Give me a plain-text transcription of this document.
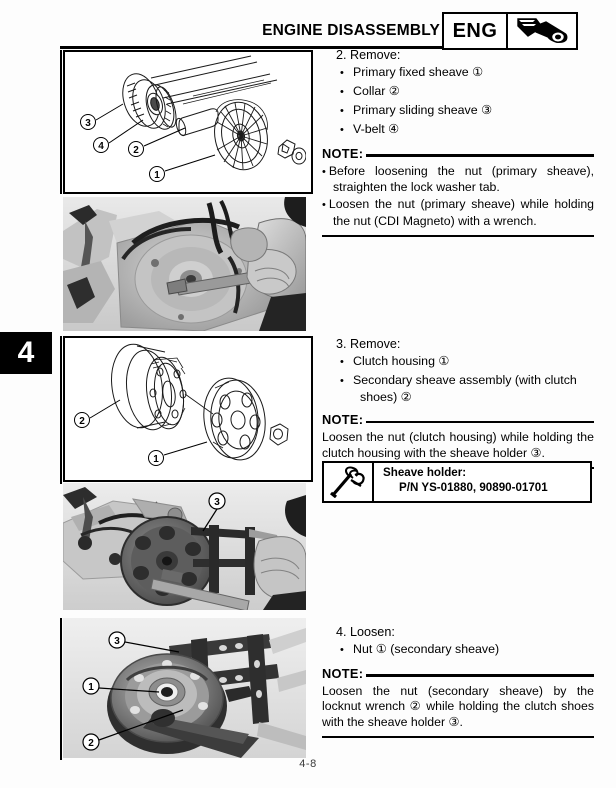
ENGINE DISASSEMBLY ENG
4
3
4	2
1
2
1
3
3
1
2
2. Remove:
• Primary fixed sheave ①
• Collar ②
• Primary sliding sheave ③
• V-belt ④
NOTE:
• Before loosening the nut (primary sheave), straighten the lock washer tab.
• Loosen the nut (primary sheave) while holding the nut (CDI Magneto) with a wrench.
3. Remove:
• Clutch housing ①
• Secondary sheave assembly (with clutch shoes) ②
NOTE:

Loosen the nut (clutch housing) while holding the clutch housing with the sheave holder ③.

Sheave holder:
P/N YS-01880, 90890-01701
4. Loosen:
• Nut ① (secondary sheave)
NOTE:

Loosen the nut (secondary sheave) by the locknut wrench ② while holding the clutch shoes with the sheave holder ③.

4-8
